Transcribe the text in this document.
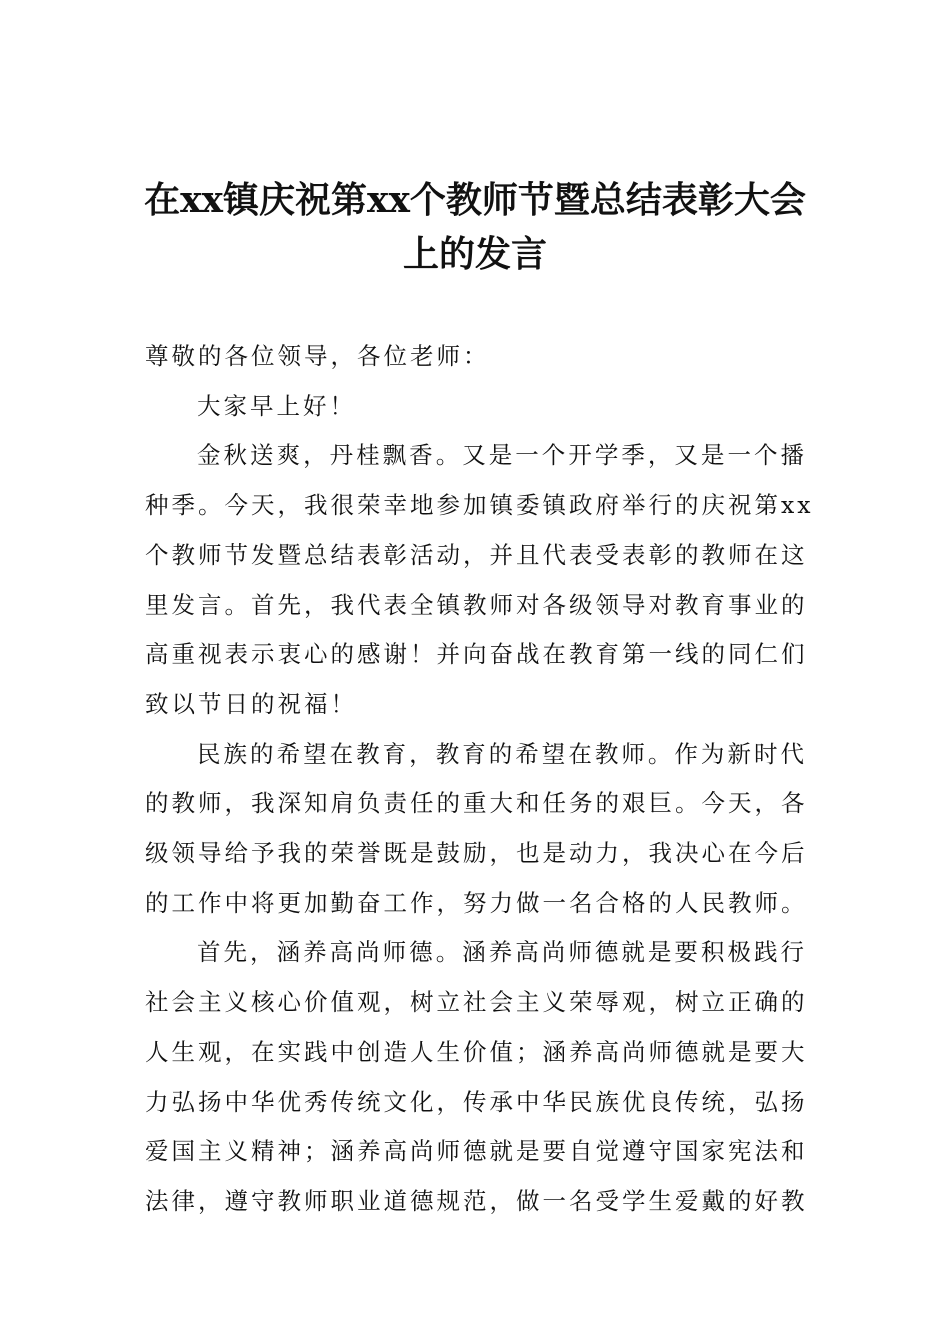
在xx镇庆祝第xx个教师节暨总结表彰大会
上的发言

尊敬的各位领导，各位老师：

大家早上好！

金秋送爽，丹桂飘香。又是一个开学季，又是一个播
种季。今天，我很荣幸地参加镇委镇政府举行的庆祝第xx
个教师节发暨总结表彰活动，并且代表受表彰的教师在这
里发言。首先，我代表全镇教师对各级领导对教育事业的
高重视表示衷心的感谢！并向奋战在教育第一线的同仁们
致以节日的祝福！

民族的希望在教育，教育的希望在教师。作为新时代
的教师，我深知肩负责任的重大和任务的艰巨。今天，各
级领导给予我的荣誉既是鼓励，也是动力，我决心在今后
的工作中将更加勤奋工作，努力做一名合格的人民教师。

首先，涵养高尚师德。涵养高尚师德就是要积极践行
社会主义核心价值观，树立社会主义荣辱观，树立正确的
人生观，在实践中创造人生价值；涵养高尚师德就是要大
力弘扬中华优秀传统文化，传承中华民族优良传统，弘扬
爱国主义精神；涵养高尚师德就是要自觉遵守国家宪法和
法律，遵守教师职业道德规范，做一名受学生爱戴的好教
